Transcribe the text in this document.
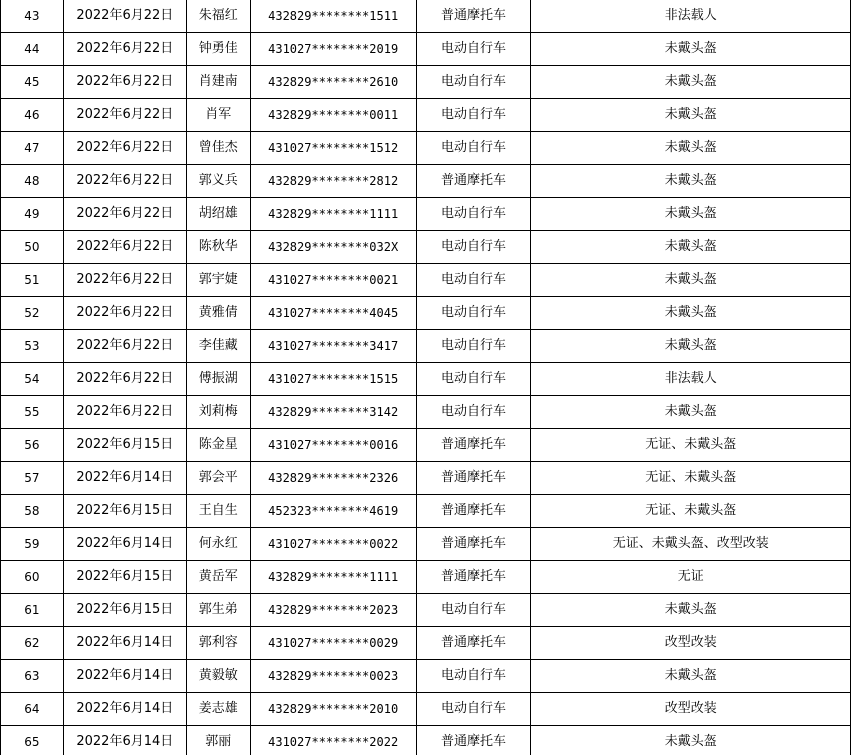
43	2022年6月22日	朱福红	432829********1511	普通摩托车	非法载人
44	2022年6月22日	钟勇佳	431027********2019	电动自行车	未戴头盔
45	2022年6月22日	肖建南	432829********2610	电动自行车	未戴头盔
46	2022年6月22日	肖军	432829********0011	电动自行车	未戴头盔
47	2022年6月22日	曾佳杰	431027********1512	电动自行车	未戴头盔
48	2022年6月22日	郭义兵	432829********2812	普通摩托车	未戴头盔
49	2022年6月22日	胡绍雄	432829********1111	电动自行车	未戴头盔
50	2022年6月22日	陈秋华	432829********032X	电动自行车	未戴头盔
51	2022年6月22日	郭宇婕	431027********0021	电动自行车	未戴头盔
52	2022年6月22日	黄雅倩	431027********4045	电动自行车	未戴头盔
53	2022年6月22日	李佳藏	431027********3417	电动自行车	未戴头盔
54	2022年6月22日	傅振湖	431027********1515	电动自行车	非法载人
55	2022年6月22日	刘莉梅	432829********3142	电动自行车	未戴头盔
56	2022年6月15日	陈金星	431027********0016	普通摩托车	无证、未戴头盔
57	2022年6月14日	郭会平	432829********2326	普通摩托车	无证、未戴头盔
58	2022年6月15日	王自生	452323********4619	普通摩托车	无证、未戴头盔
59	2022年6月14日	何永红	431027********0022	普通摩托车	无证、未戴头盔、改型改装
60	2022年6月15日	黄岳军	432829********1111	普通摩托车	无证
61	2022年6月15日	郭生弟	432829********2023	电动自行车	未戴头盔
62	2022年6月14日	郭利容	431027********0029	普通摩托车	改型改装
63	2022年6月14日	黄毅敏	432829********0023	电动自行车	未戴头盔
64	2022年6月14日	姜志雄	432829********2010	电动自行车	改型改装
65	2022年6月14日	郭丽	431027********2022	普通摩托车	未戴头盔
